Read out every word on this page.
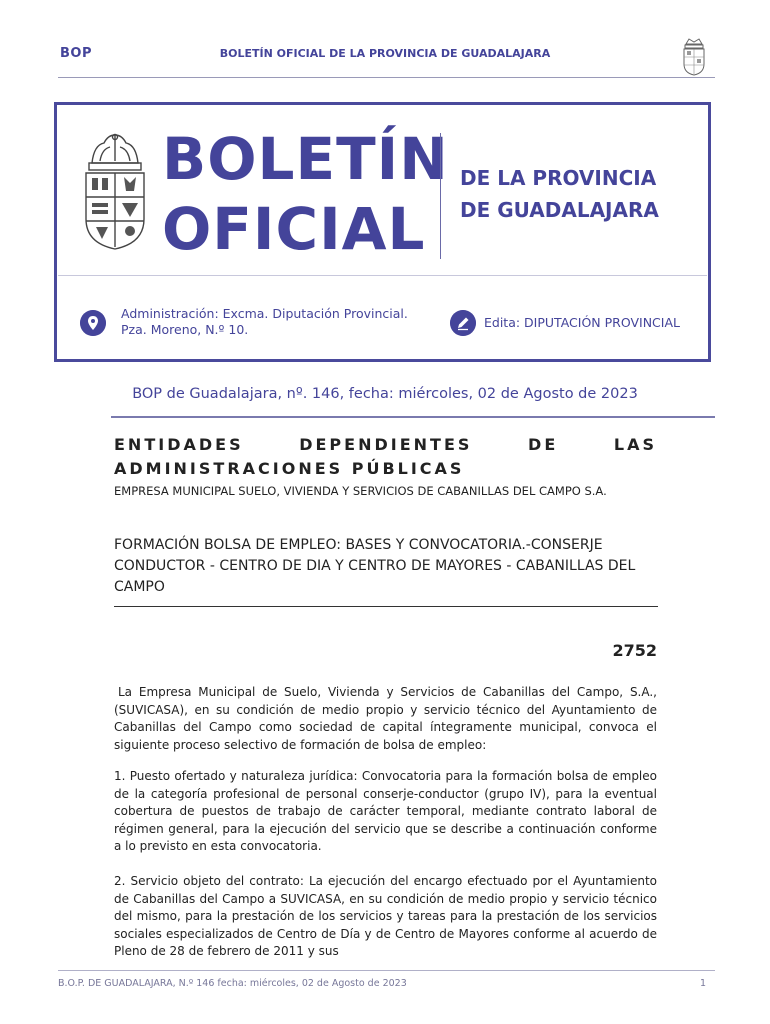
BOP	BOLETÍN OFICIAL DE LA PROVINCIA DE GUADALAJARA
BOLETÍN
OFICIAL
DE LA PROVINCIA
DE GUADALAJARA
Administración: Excma. Diputación Provincial.
Pza. Moreno, N.º 10.	Edita: DIPUTACIÓN PROVINCIAL
BOP de Guadalajara, nº. 146, fecha: miércoles, 02 de Agosto de 2023
ENTIDADES DEPENDIENTES DE LAS ADMINISTRACIONES PÚBLICAS
EMPRESA MUNICIPAL SUELO, VIVIENDA Y SERVICIOS DE CABANILLAS DEL CAMPO S.A.
FORMACIÓN BOLSA DE EMPLEO: BASES Y CONVOCATORIA.-CONSERJE CONDUCTOR - CENTRO DE DIA Y CENTRO DE MAYORES - CABANILLAS DEL CAMPO
2752
La Empresa Municipal de Suelo, Vivienda y Servicios de Cabanillas del Campo, S.A., (SUVICASA), en su condición de medio propio y servicio técnico del Ayuntamiento de Cabanillas del Campo como sociedad de capital íntegramente municipal, convoca el siguiente proceso selectivo de formación de bolsa de empleo:
1. Puesto ofertado y naturaleza jurídica: Convocatoria para la formación bolsa de empleo de la categoría profesional de personal conserje-conductor (grupo IV), para la eventual cobertura de puestos de trabajo de carácter temporal, mediante contrato laboral de régimen general, para la ejecución del servicio que se describe a continuación conforme a lo previsto en esta convocatoria.
2. Servicio objeto del contrato: La ejecución del encargo efectuado por el Ayuntamiento de Cabanillas del Campo a SUVICASA, en su condición de medio propio y servicio técnico del mismo, para la prestación de los servicios y tareas para la prestación de los servicios sociales especializados de Centro de Día y de Centro de Mayores conforme al acuerdo de Pleno de 28 de febrero de 2011 y sus
B.O.P. DE GUADALAJARA, N.º 146 fecha: miércoles, 02 de Agosto de 2023	1
